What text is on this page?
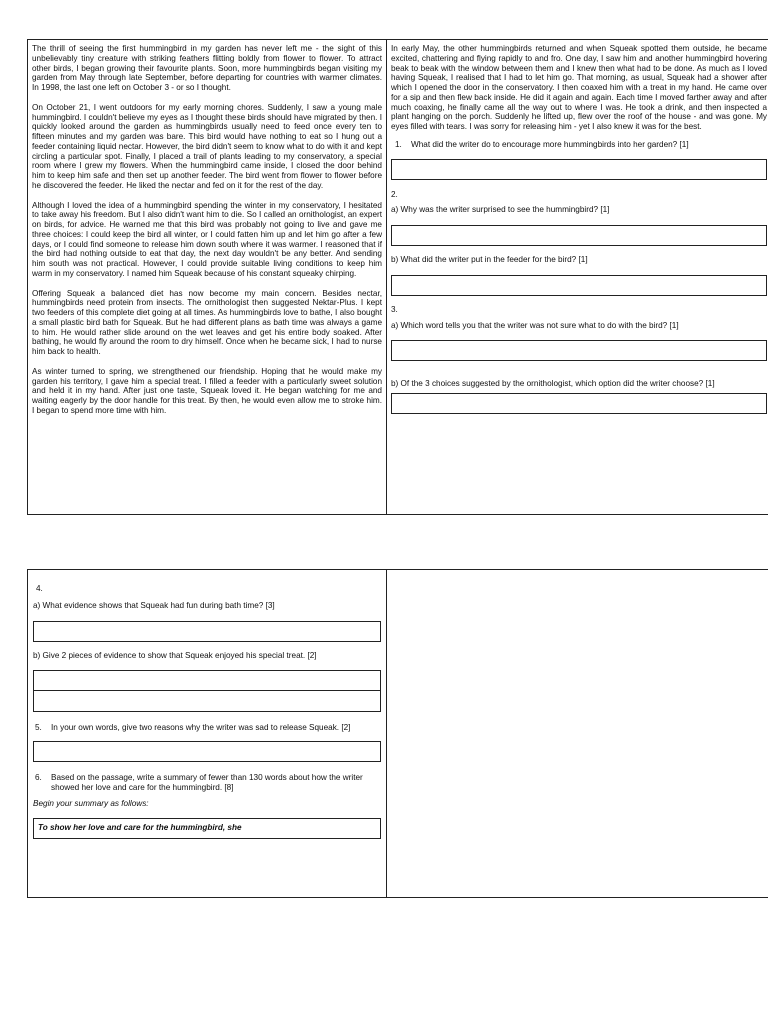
The thrill of seeing the first hummingbird in my garden has never left me - the sight of this unbelievably tiny creature with striking feathers flitting boldly from flower to flower. To attract other birds, I began growing their favourite plants. Soon, more hummingbirds began visiting my garden from May through late September, before departing for countries with warmer climates. In 1998, the last one left on October 3 - or so I thought.

On October 21, I went outdoors for my early morning chores. Suddenly, I saw a young male hummingbird. I couldn't believe my eyes as I thought these birds should have migrated by then. I quickly looked around the garden as hummingbirds usually need to feed once every ten to fifteen minutes and my garden was bare. This bird would have nothing to eat so I hung out a feeder containing liquid nectar. However, the bird didn't seem to know what to do with it and kept circling a particular spot. Finally, I placed a trail of plants leading to my conservatory, a special room where I grew my flowers. When the hummingbird came inside, I closed the door behind him to keep him safe and then set up another feeder. The bird went from flower to flower before he discovered the feeder. He liked the nectar and fed on it for the rest of the day.

Although I loved the idea of a hummingbird spending the winter in my conservatory, I hesitated to take away his freedom. But I also didn't want him to die. So I called an ornithologist, an expert on birds, for advice. He warned me that this bird was probably not going to live and gave me three choices: I could keep the bird all winter, or I could fatten him up and let him go after a few days, or I could find someone to release him down south where it was warmer. I reasoned that if the bird had nothing outside to eat that day, the next day wouldn't be any better. And sending him south was not practical. However, I could provide suitable living conditions to keep him warm in my conservatory. I named him Squeak because of his constant squeaky chirping.

Offering Squeak a balanced diet has now become my main concern. Besides nectar, hummingbirds need protein from insects. The ornithologist then suggested Nektar-Plus. I kept two feeders of this complete diet going at all times. As hummingbirds love to bathe, I also bought a small plastic bird bath for Squeak. But he had different plans as bath time was always a game to him. He would rather slide around on the wet leaves and get his entire body soaked. After bathing, he would fly around the room to dry himself. Once when he became sick, I had to nurse him back to health.

As winter turned to spring, we strengthened our friendship. Hoping that he would make my garden his territory, I gave him a special treat. I filled a feeder with a particularly sweet solution and held it in my hand. After just one taste, Squeak loved it. He began watching for me and waiting eagerly by the door handle for this treat. By then, he would even allow me to stroke him. I began to spend more time with him.

In early May, the other hummingbirds returned and when Squeak spotted them outside, he became excited, chattering and flying rapidly to and fro. One day, I saw him and another hummingbird hovering beak to beak with the window between them and I knew then what had to be done. As much as I loved having Squeak, I realised that I had to let him go. That morning, as usual, Squeak had a shower after which I opened the door in the conservatory. I then coaxed him with a treat in my hand. He came over for a sip and then flew back inside. He did it again and again. Each time I moved farther away and after much coaxing, he finally came all the way out to where I was. He took a drink, and then inspected a plant hanging on the porch. Suddenly he lifted up, flew over the roof of the house - and was gone. My eyes filled with tears. I was sorry for releasing him - yet I also knew it was for the best.

1.	What did the writer do to encourage more hummingbirds into her garden? [1]

2.

a) Why was the writer surprised to see the hummingbird? [1]

b) What did the writer put in the feeder for the bird? [1]

3.

a) Which word tells you that the writer was not sure what to do with the bird? [1]

b) Of the 3 choices suggested by the ornithologist, which option did the writer choose? [1]

4.

a) What evidence shows that Squeak had fun during bath time? [3]

b) Give 2 pieces of evidence to show that Squeak enjoyed his special treat. [2]

5.	In your own words, give two reasons why the writer was sad to release Squeak. [2]
6.	Based on the passage, write a summary of fewer than 130 words about how the writer showed her love and care for the hummingbird. [8]

Begin your summary as follows:

To show her love and care for the hummingbird, she
